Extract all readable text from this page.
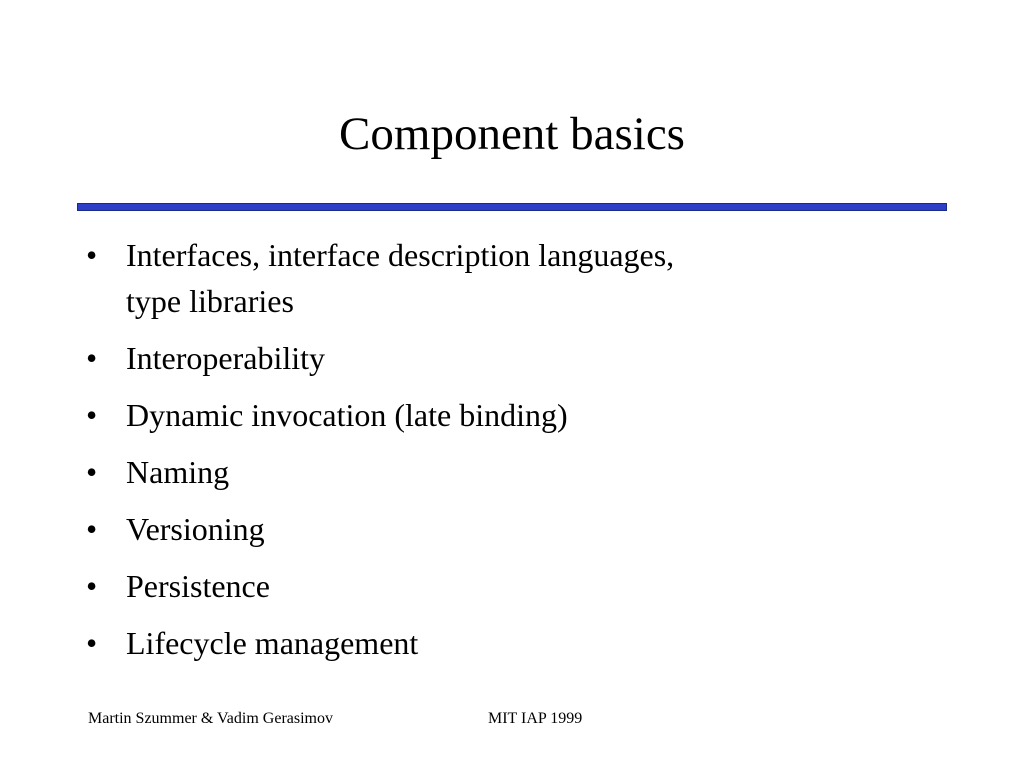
Component basics
• Interfaces, interface description languages,
type libraries
• Interoperability
• Dynamic invocation (late binding)
• Naming
• Versioning
• Persistence
• Lifecycle management
Martin Szummer & Vadim Gerasimov	MIT IAP 1999
